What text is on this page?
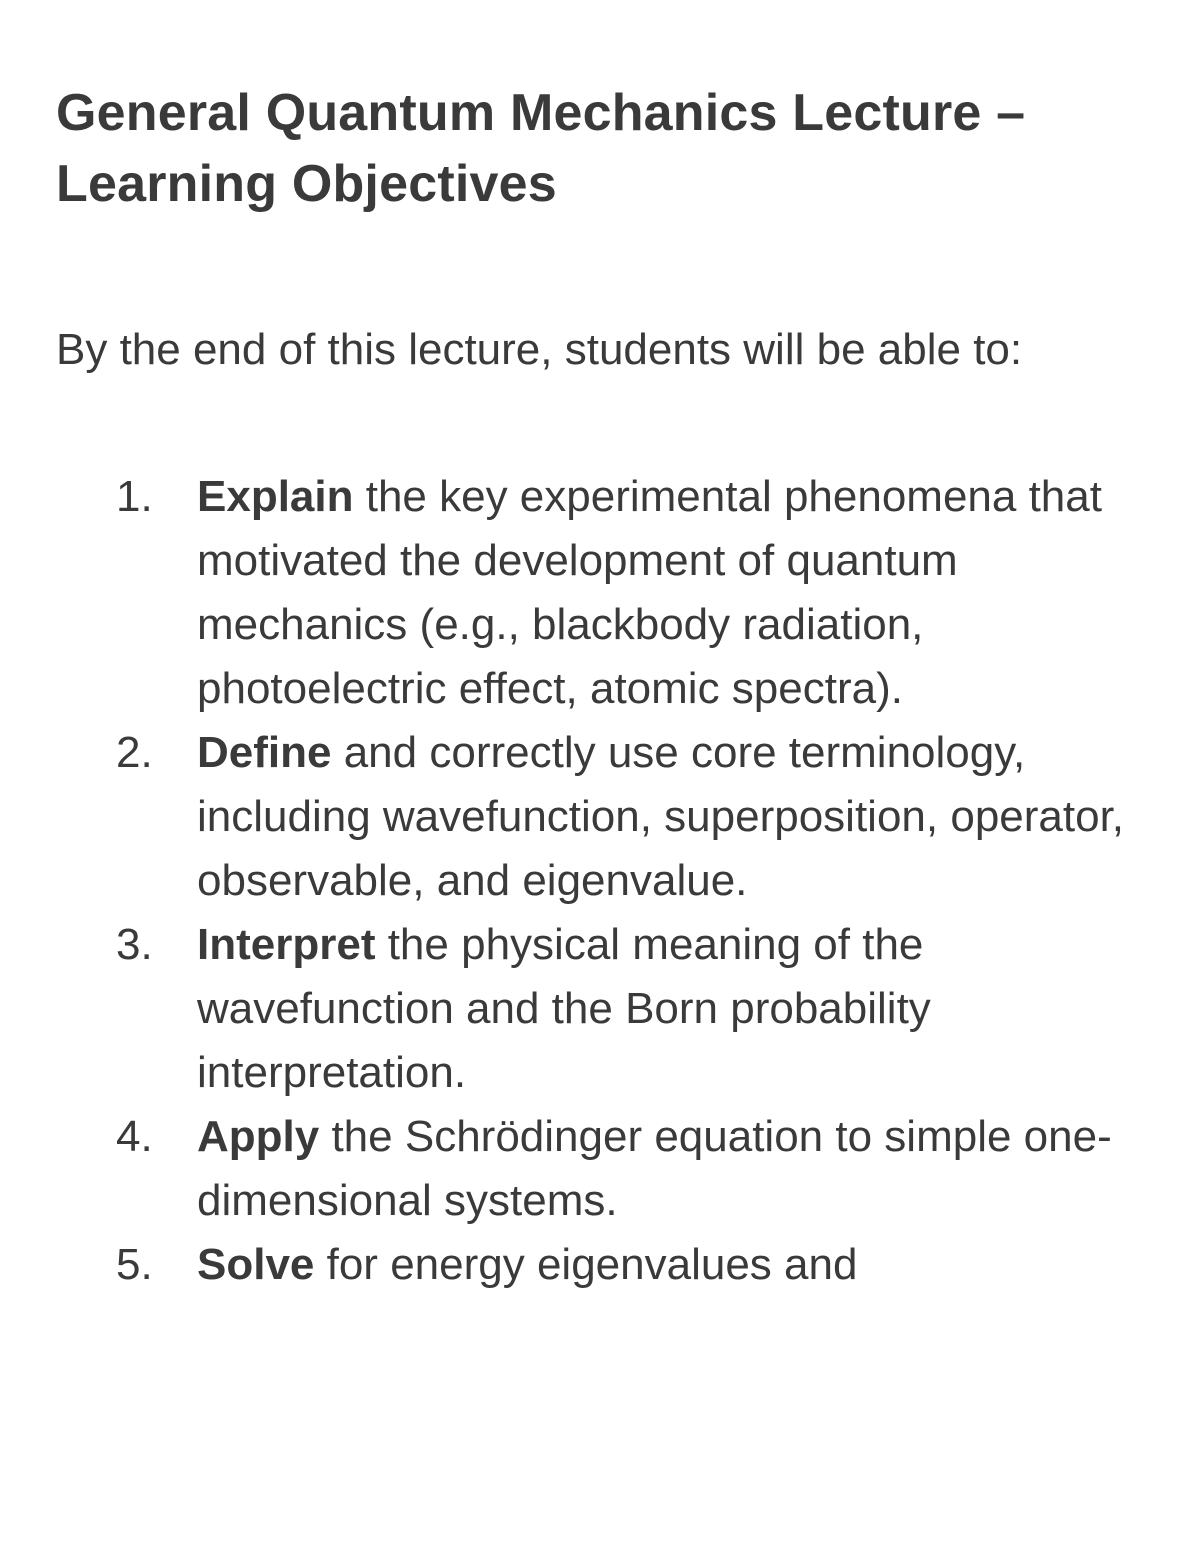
General Quantum Mechanics Lecture – Learning Objectives

By the end of this lecture, students will be able to:

1. Explain the key experimental phenomena that motivated the development of quantum mechanics (e.g., blackbody radiation, photoelectric effect, atomic spectra).
2. Define and correctly use core terminology, including wavefunction, superposition, operator, observable, and eigenvalue.
3. Interpret the physical meaning of the wavefunction and the Born probability interpretation.
4. Apply the Schrödinger equation to simple one-dimensional systems.
5. Solve for energy eigenvalues and
